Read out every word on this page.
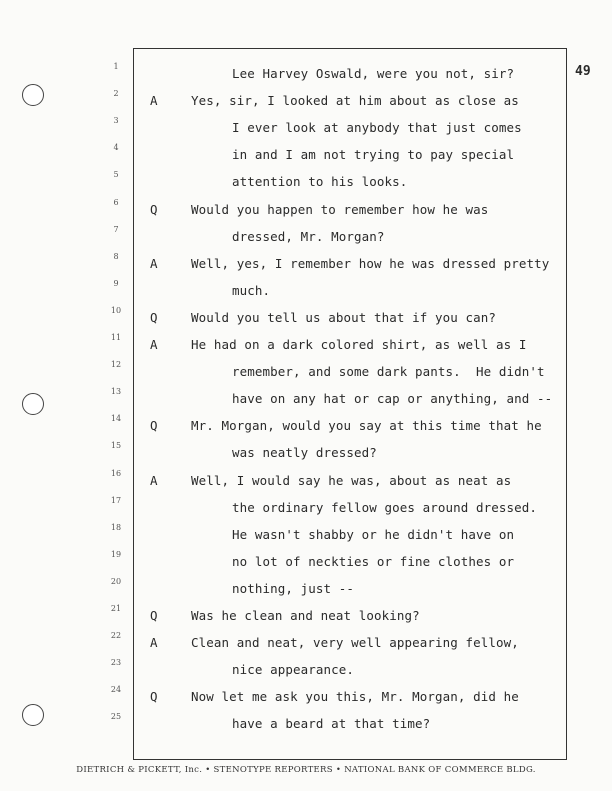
49
1	Lee Harvey Oswald, were you not, sir?
2	A	Yes, sir, I looked at him about as close as
3	I ever look at anybody that just comes
4	in and I am not trying to pay special
5	attention to his looks.
6	Q	Would you happen to remember how he was
7	dressed, Mr. Morgan?
8	A	Well, yes, I remember how he was dressed pretty
9	much.
10	Q	Would you tell us about that if you can?
11	A	He had on a dark colored shirt, as well as I
12	remember, and some dark pants.  He didn't
13	have on any hat or cap or anything, and --
14	Q	Mr. Morgan, would you say at this time that he
15	was neatly dressed?
16	A	Well, I would say he was, about as neat as
17	the ordinary fellow goes around dressed.
18	He wasn't shabby or he didn't have on
19	no lot of neckties or fine clothes or
20	nothing, just --
21	Q	Was he clean and neat looking?
22	A	Clean and neat, very well appearing fellow,
23	nice appearance.
24	Q	Now let me ask you this, Mr. Morgan, did he
25	have a beard at that time?
DIETRICH & PICKETT, Inc. • STENOTYPE REPORTERS • NATIONAL BANK OF COMMERCE BLDG.
